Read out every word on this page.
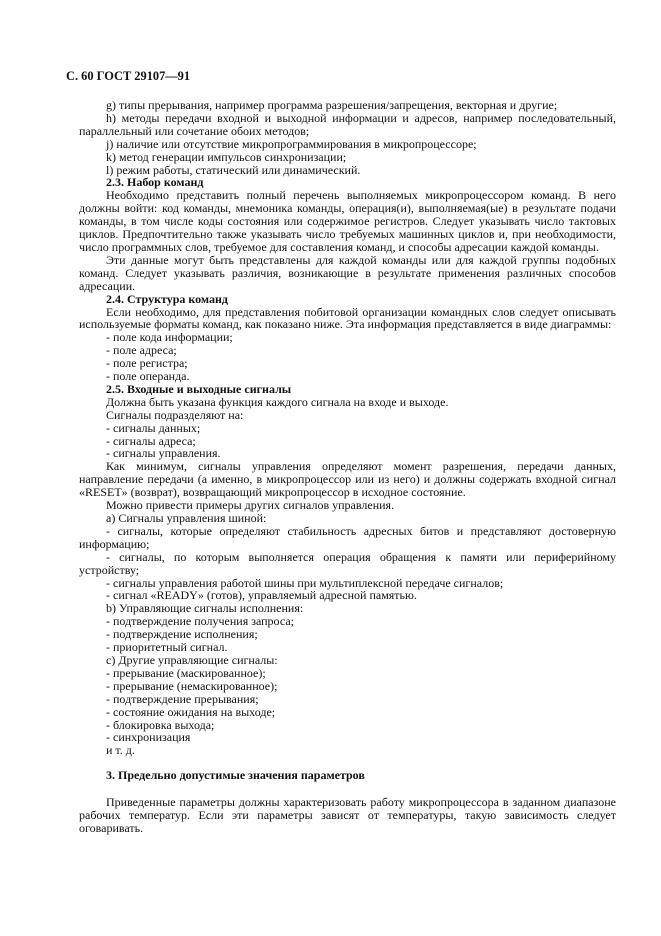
С. 60 ГОСТ 29107—91
g) типы прерывания, например программа разрешения/запрещения, векторная и другие;
h) методы передачи входной и выходной информации и адресов, например последовательный, параллельный или сочетание обоих методов;
j) наличие или отсутствие микропрограммирования в микропроцессоре;
k) метод генерации импульсов синхронизации;
l) режим работы, статический или динамический.
2.3. Набор команд
Необходимо представить полный перечень выполняемых микропроцессором команд. В него должны войти: код команды, мнемоника команды, операция(и), выполняемая(ые) в результате подачи команды, в том числе коды состояния или содержимое регистров. Следует указывать число тактовых циклов. Предпочтительно также указывать число требуемых машинных циклов и, при необходимости, число программных слов, требуемое для составления команд, и способы адресации каждой команды.
Эти данные могут быть представлены для каждой команды или для каждой группы подобных команд. Следует указывать различия, возникающие в результате применения различных способов адресации.
2.4. Структура команд
Если необходимо, для представления побитовой организации командных слов следует описывать используемые форматы команд, как показано ниже. Эта информация представляется в виде диаграммы:
- поле кода информации;
- поле адреса;
- поле регистра;
- поле операнда.
2.5. Входные и выходные сигналы
Должна быть указана функция каждого сигнала на входе и выходе.
Сигналы подразделяют на:
- сигналы данных;
- сигналы адреса;
- сигналы управления.
Как минимум, сигналы управления определяют момент разрешения, передачи данных, направление передачи (а именно, в микропроцессор или из него) и должны содержать входной сигнал «RESET» (возврат), возвращающий микропроцессор в исходное состояние.
Можно привести примеры других сигналов управления.
а) Сигналы управления шиной:
- сигналы, которые определяют стабильность адресных битов и представляют достоверную информацию;
- сигналы, по которым выполняется операция обращения к памяти или периферийному устройству;
- сигналы управления работой шины при мультиплексной передаче сигналов;
- сигнал «READY» (готов), управляемый адресной памятью.
b) Управляющие сигналы исполнения:
- подтверждение получения запроса;
- подтверждение исполнения;
- приоритетный сигнал.
с) Другие управляющие сигналы:
- прерывание (маскированное);
- прерывание (немаскированное);
- подтверждение прерывания;
- состояние ожидания на выходе;
- блокировка выхода;
- синхронизация
и т. д.
3. Предельно допустимые значения параметров
Приведенные параметры должны характеризовать работу микропроцессора в заданном диапазоне рабочих температур. Если эти параметры зависят от температуры, такую зависимость следует оговаривать.
